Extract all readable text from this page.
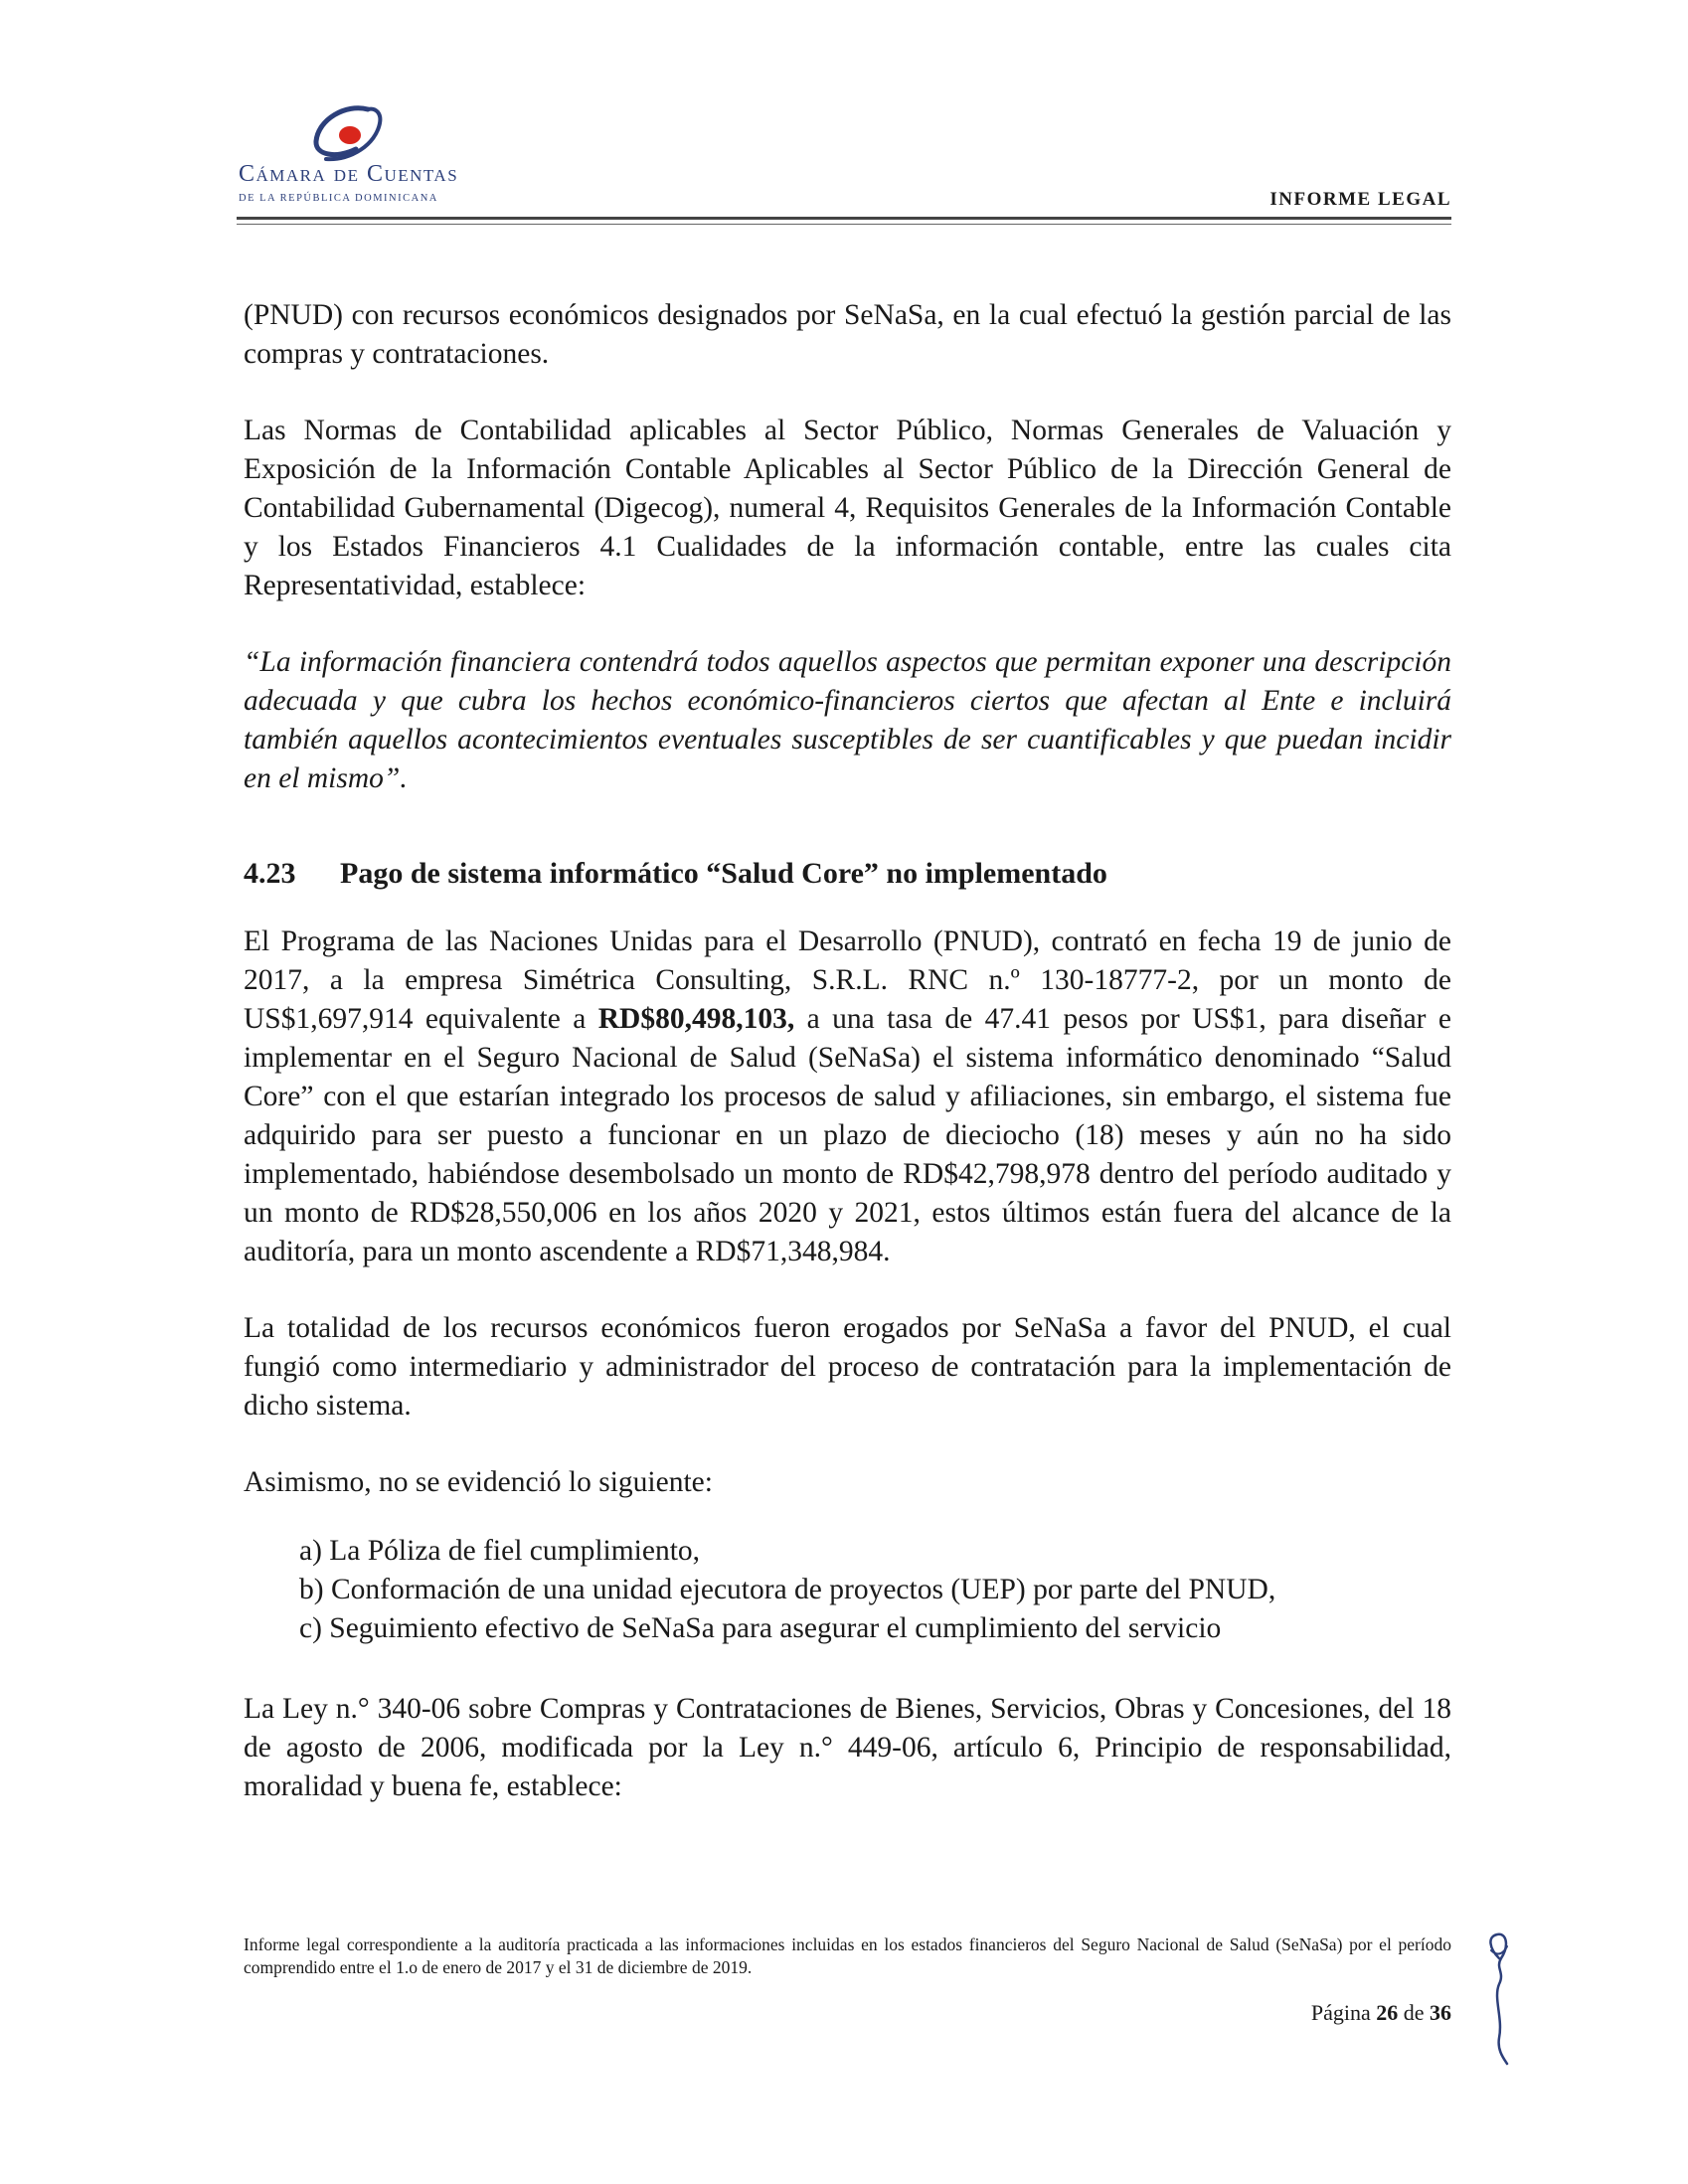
Cámara de Cuentas
DE LA REPÚBLICA DOMINICANA	INFORME LEGAL

(PNUD) con recursos económicos designados por SeNaSa, en la cual efectuó la gestión parcial de las compras y contrataciones.

Las Normas de Contabilidad aplicables al Sector Público, Normas Generales de Valuación y Exposición de la Información Contable Aplicables al Sector Público de la Dirección General de Contabilidad Gubernamental (Digecog), numeral 4, Requisitos Generales de la Información Contable y los Estados Financieros 4.1 Cualidades de la información contable, entre las cuales cita Representatividad, establece:

“La información financiera contendrá todos aquellos aspectos que permitan exponer una descripción adecuada y que cubra los hechos económico-financieros ciertos que afectan al Ente e incluirá también aquellos acontecimientos eventuales susceptibles de ser cuantificables y que puedan incidir en el mismo”.

4.23 Pago de sistema informático “Salud Core” no implementado

El Programa de las Naciones Unidas para el Desarrollo (PNUD), contrató en fecha 19 de junio de 2017, a la empresa Simétrica Consulting, S.R.L. RNC n.º 130-18777-2, por un monto de US$1,697,914 equivalente a RD$80,498,103, a una tasa de 47.41 pesos por US$1, para diseñar e implementar en el Seguro Nacional de Salud (SeNaSa) el sistema informático denominado “Salud Core” con el que estarían integrado los procesos de salud y afiliaciones, sin embargo, el sistema fue adquirido para ser puesto a funcionar en un plazo de dieciocho (18) meses y aún no ha sido implementado, habiéndose desembolsado un monto de RD$42,798,978 dentro del período auditado y un monto de RD$28,550,006 en los años 2020 y 2021, estos últimos están fuera del alcance de la auditoría, para un monto ascendente a RD$71,348,984.

La totalidad de los recursos económicos fueron erogados por SeNaSa a favor del PNUD, el cual fungió como intermediario y administrador del proceso de contratación para la implementación de dicho sistema.

Asimismo, no se evidenció lo siguiente:

a) La Póliza de fiel cumplimiento,
b) Conformación de una unidad ejecutora de proyectos (UEP) por parte del PNUD,
c) Seguimiento efectivo de SeNaSa para asegurar el cumplimiento del servicio

La Ley n.° 340-06 sobre Compras y Contrataciones de Bienes, Servicios, Obras y Concesiones, del 18 de agosto de 2006, modificada por la Ley n.° 449-06, artículo 6, Principio de responsabilidad, moralidad y buena fe, establece:

Informe legal correspondiente a la auditoría practicada a las informaciones incluidas en los estados financieros del Seguro Nacional de Salud (SeNaSa) por el período comprendido entre el 1.o de enero de 2017 y el 31 de diciembre de 2019.
Página 26 de 36
